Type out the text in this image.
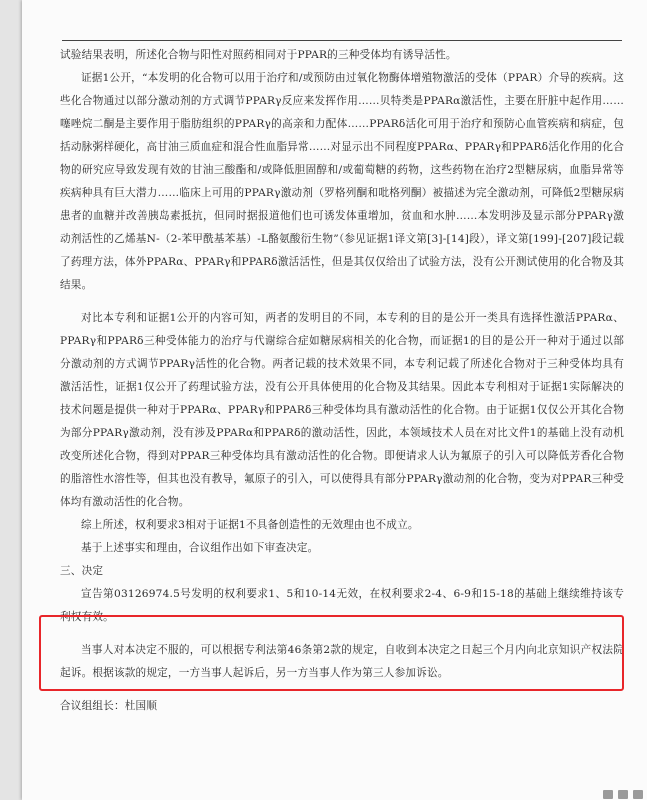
试验结果表明，所述化合物与阳性对照药相同对于PPAR的三种受体均有诱导活性。

证据1公开，“本发明的化合物可以用于治疗和/或预防由过氧化物酶体增殖物激活的受体（PPAR）介导的疾病。这些化合物通过以部分激动剂的方式调节PPARγ反应来发挥作用……贝特类是PPARα激活性，主要在肝脏中起作用……噻唑烷二酮是主要作用于脂肪组织的PPARγ的高亲和力配体……PPARδ活化可用于治疗和预防心血管疾病和病症，包括动脉粥样硬化，高甘油三质血症和混合性血脂异常……对显示出不同程度PPARα、PPARγ和PPARδ活化作用的化合物的研究应导致发现有效的甘油三酸酯和/或降低胆固醇和/或葡萄糖的药物，这些药物在治疗2型糖尿病，血脂异常等疾病种具有巨大潜力……临床上可用的PPARγ激动剂（罗格列酮和吡格列酮）被描述为完全激动剂，可降低2型糖尿病患者的血糖并改善胰岛素抵抗，但同时据报道他们也可诱发体重增加，贫血和水肿……本发明涉及显示部分PPARγ激动剂活性的乙烯基N-（2-苯甲酰基苯基）-L酪氨酸衍生物”（参见证据1译文第[3]-[14]段），译文第[199]-[207]段记载了药理方法，体外PPARα、PPARγ和PPARδ激活活性，但是其仅仅给出了试验方法，没有公开测试使用的化合物及其结果。

对比本专利和证据1公开的内容可知，两者的发明目的不同，本专利的目的是公开一类具有选择性激活PPARα、PPARγ和PPARδ三种受体能力的治疗与代谢综合症如糖尿病相关的化合物，而证据1的目的是公开一种对于通过以部分激动剂的方式调节PPARγ活性的化合物。两者记载的技术效果不同，本专利记载了所述化合物对于三种受体均具有激活活性，证据1仅公开了药理试验方法，没有公开具体使用的化合物及其结果。因此本专利相对于证据1实际解决的技术问题是提供一种对于PPARα、PPARγ和PPARδ三种受体均具有激动活性的化合物。由于证据1仅仅公开其化合物为部分PPARγ激动剂，没有涉及PPARα和PPARδ的激动活性，因此，本领域技术人员在对比文件1的基础上没有动机改变所述化合物，得到对PPAR三种受体均具有激动活性的化合物。即便请求人认为氟原子的引入可以降低芳香化合物的脂溶性水溶性等，但其也没有教导，氟原子的引入，可以使得具有部分PPARγ激动剂的化合物，变为对PPAR三种受体均有激动活性的化合物。

综上所述，权利要求3相对于证据1不具备创造性的无效理由也不成立。

基于上述事实和理由，合议组作出如下审查决定。

三、决定

宣告第03126974.5号发明的权利要求1、5和10-14无效，在权利要求2-4、6-9和15-18的基础上继续维持该专利权有效。

当事人对本决定不服的，可以根据专利法第46条第2款的规定，自收到本决定之日起三个月内向北京知识产权法院起诉。根据该款的规定，一方当事人起诉后，另一方当事人作为第三人参加诉讼。

合议组组长：杜国顺
